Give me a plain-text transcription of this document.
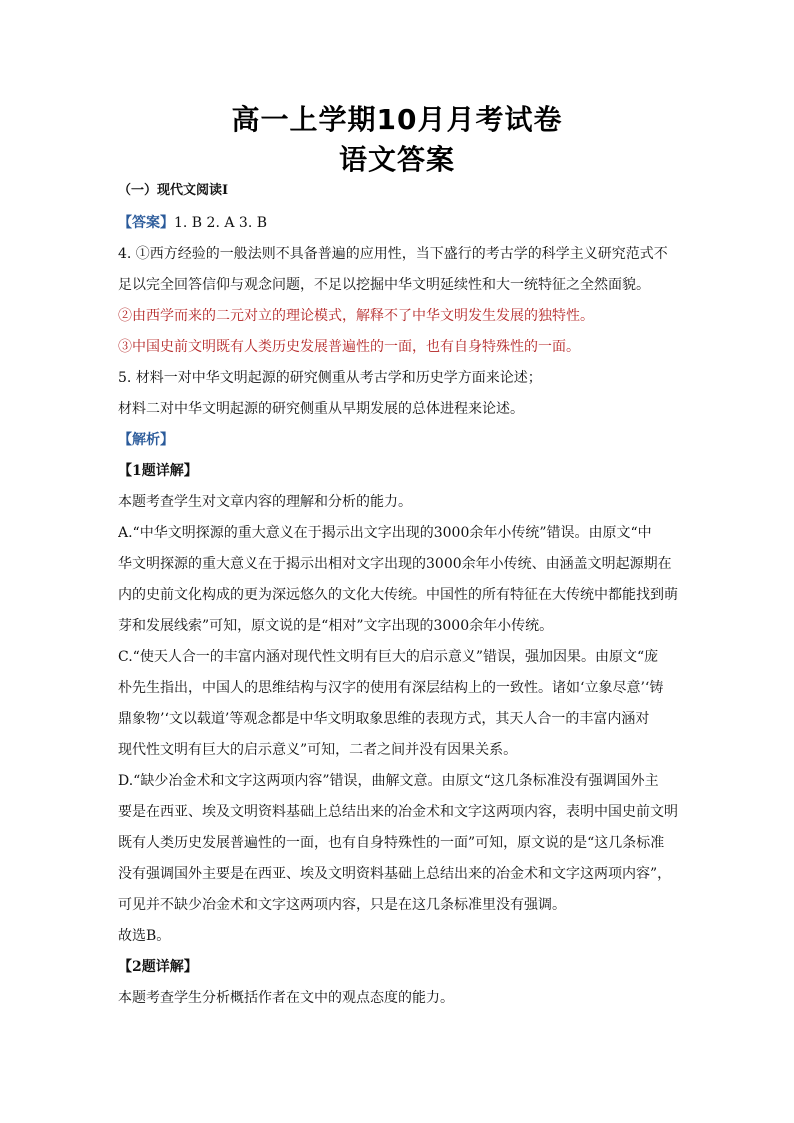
高一上学期10月月考试卷
语文答案
（一）现代文阅读Ⅰ
【答案】1. B 2. A 3. B
4. ①西方经验的一般法则不具备普遍的应用性，当下盛行的考古学的科学主义研究范式不
足以完全回答信仰与观念问题，不足以挖掘中华文明延续性和大一统特征之全然面貌。
②由西学而来的二元对立的理论模式，解释不了中华文明发生发展的独特性。
③中国史前文明既有人类历史发展普遍性的一面，也有自身特殊性的一面。
5. 材料一对中华文明起源的研究侧重从考古学和历史学方面来论述；
材料二对中华文明起源的研究侧重从早期发展的总体进程来论述。
【解析】
【1题详解】
本题考查学生对文章内容的理解和分析的能力。
A.“中华文明探源的重大意义在于揭示出文字出现的3000余年小传统”错误。由原文“中
华文明探源的重大意义在于揭示出相对文字出现的3000余年小传统、由涵盖文明起源期在
内的史前文化构成的更为深远悠久的文化大传统。中国性的所有特征在大传统中都能找到萌
芽和发展线索”可知，原文说的是“相对”文字出现的3000余年小传统。
C.“使天人合一的丰富内涵对现代性文明有巨大的启示意义”错误，强加因果。由原文“庞
朴先生指出，中国人的思维结构与汉字的使用有深层结构上的一致性。诸如‘立象尽意’‘铸
鼎象物’‘文以载道’等观念都是中华文明取象思维的表现方式，其天人合一的丰富内涵对
现代性文明有巨大的启示意义”可知，二者之间并没有因果关系。
D.“缺少冶金术和文字这两项内容”错误，曲解文意。由原文“这几条标准没有强调国外主
要是在西亚、埃及文明资料基础上总结出来的冶金术和文字这两项内容，表明中国史前文明
既有人类历史发展普遍性的一面，也有自身特殊性的一面”可知，原文说的是“这几条标准
没有强调国外主要是在西亚、埃及文明资料基础上总结出来的冶金术和文字这两项内容”，
可见并不缺少冶金术和文字这两项内容，只是在这几条标准里没有强调。
故选B。
【2题详解】
本题考查学生分析概括作者在文中的观点态度的能力。
